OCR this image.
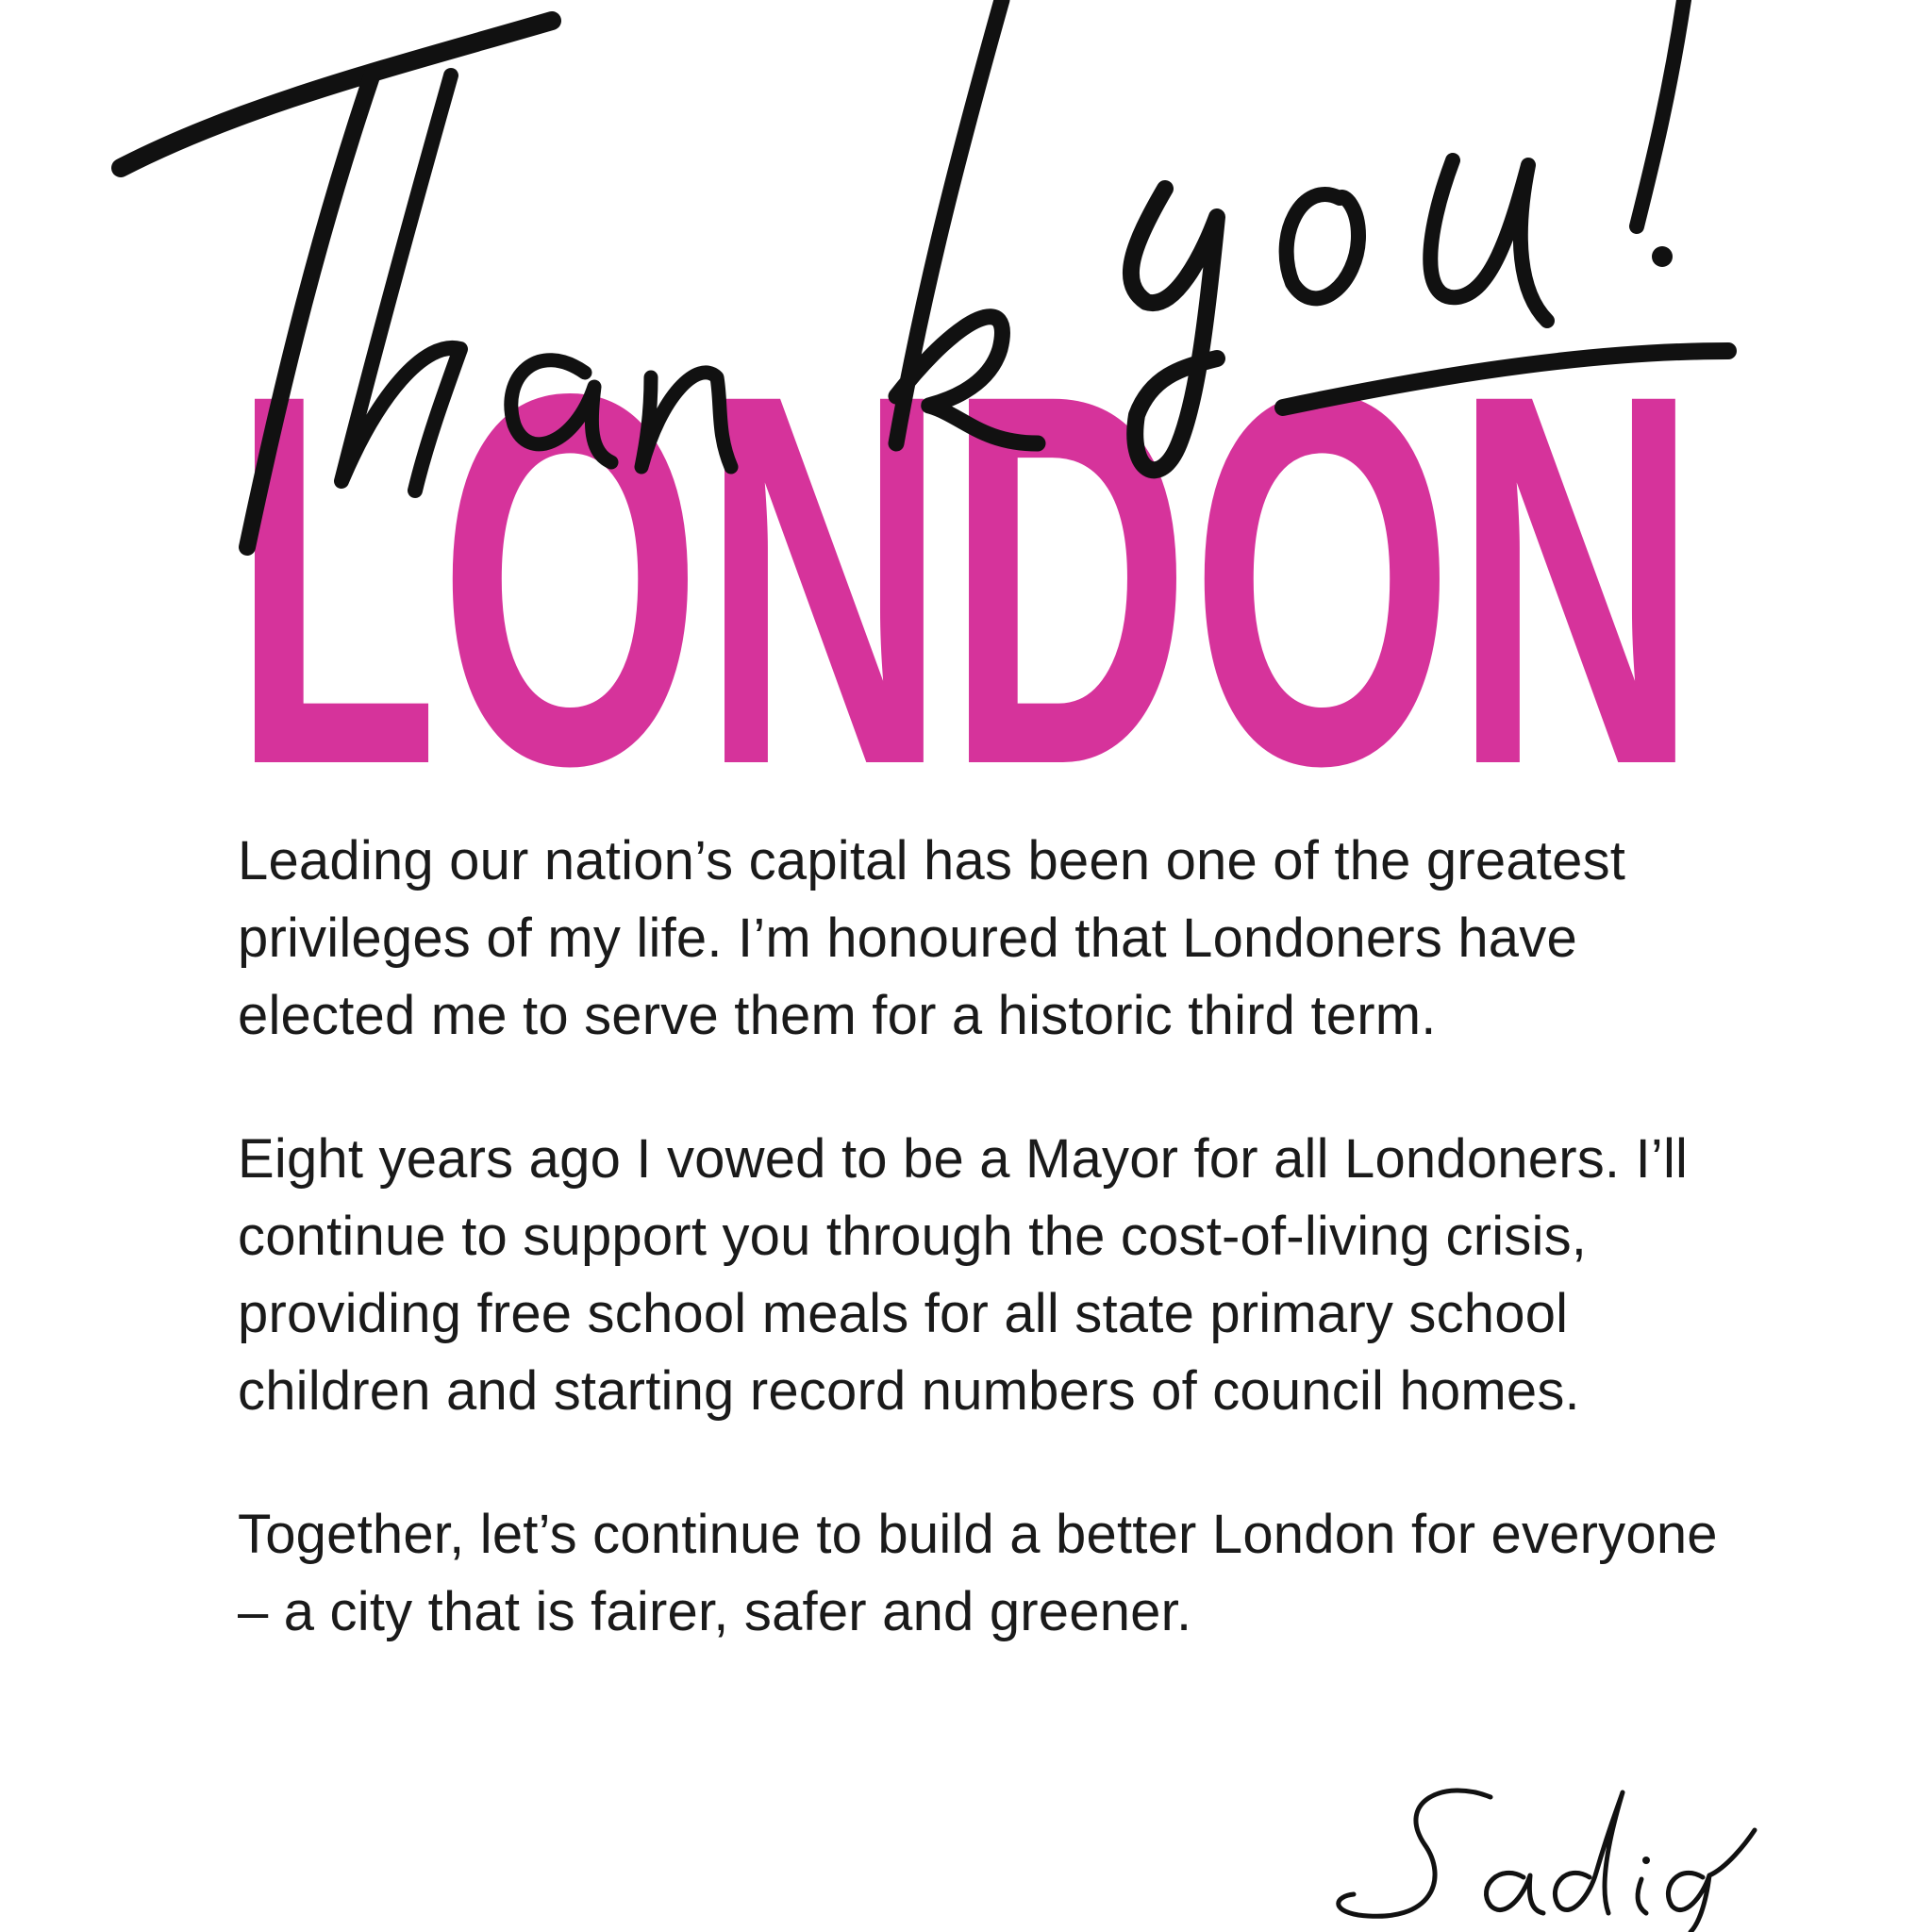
LONDON

Leading our nation’s capital has been one of the greatest privileges of my life. I’m honoured that Londoners have elected me to serve them for a historic third term.

Eight years ago I vowed to be a Mayor for all Londoners. I’ll continue to support you through the cost-of-living crisis, providing free school meals for all state primary school children and starting record numbers of council homes.

Together, let’s continue to build a better London for everyone – a city that is fairer, safer and greener.
